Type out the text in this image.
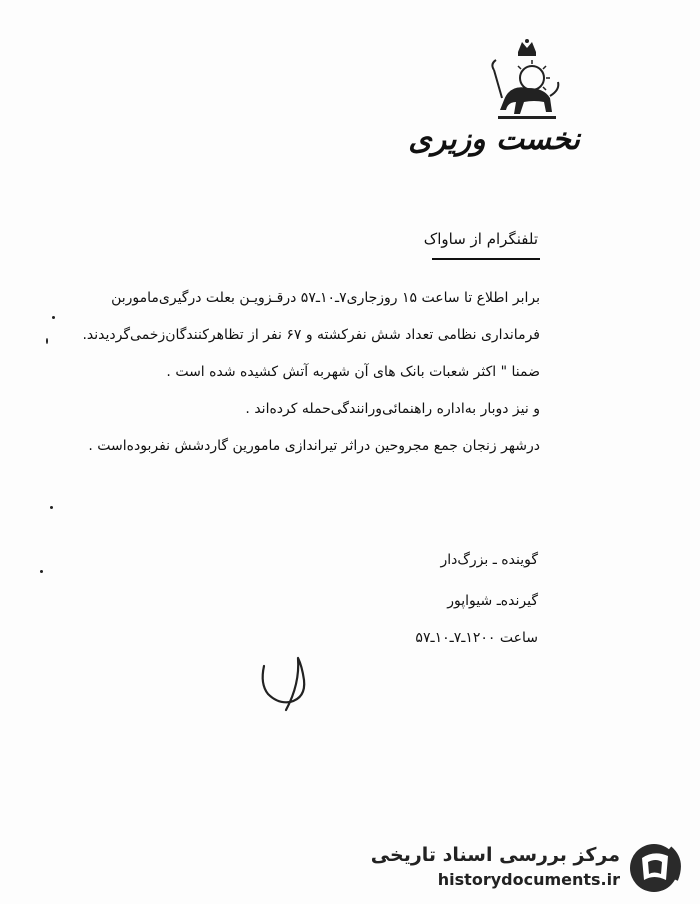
نخست وزیری
تلفنگرام از ساواک
برابر اطلاع تا ساعت ۱۵ روزجاری۷ـ۱۰ـ۵۷ درقـزویـن بعلت درگیری‌ماموربن
فرمانداری نظامی تعداد شش نفرکشته و ۶۷ نفر از تظاهرکنندگان‌زخمی‌گردیدند.
ضمنا " اکثر شعبات بانک های آن شهربه آتش کشیده شده است .
و نیز دوبار به‌اداره راهنمائی‌ورانندگی‌حمله کرده‌اند .
درشهر زنجان جمع مجروحین دراثر تیراندازی مامورین گاردشش نفربوده‌است .
گوینده ـ بزرگ‌دار
گیرنده‌ـ شیواپور
ساعت ۱۲۰۰ـ۷ـ۱۰ـ۵۷
مرکز بررسی اسناد تاریخی
historydocuments.ir
